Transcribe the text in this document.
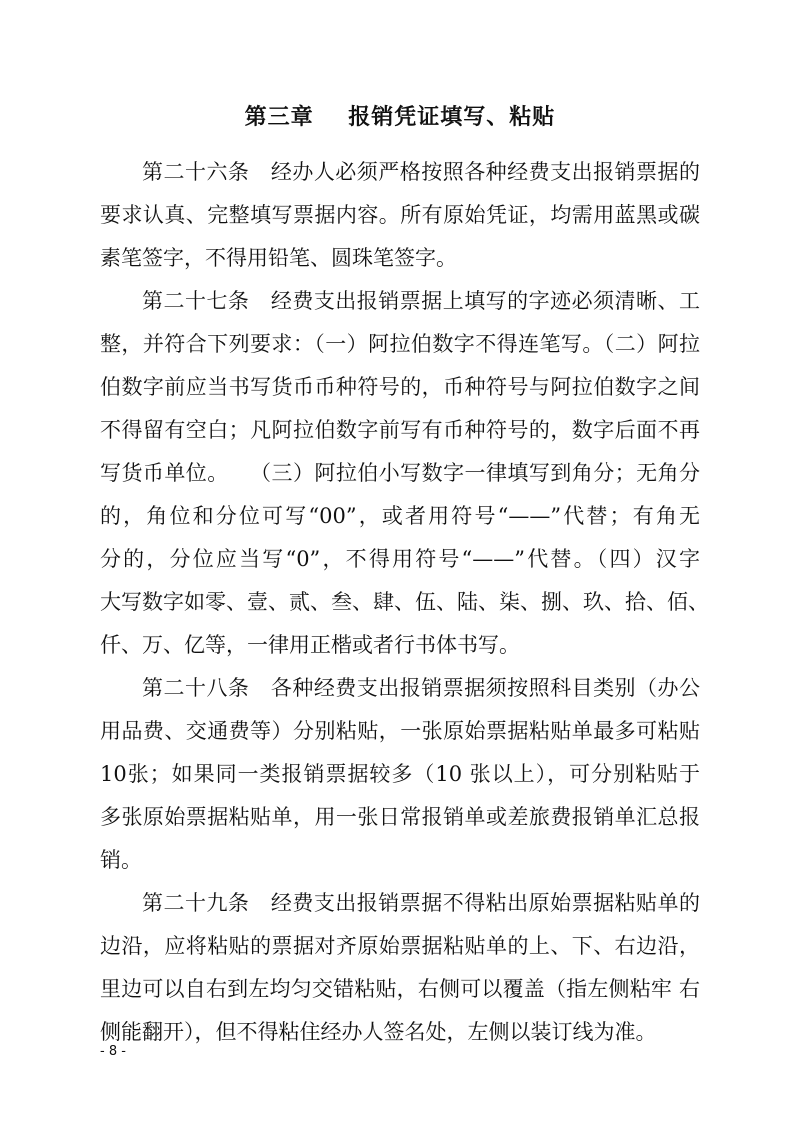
第三章    报销凭证填写、粘贴
第二十六条   经办人必须严格按照各种经费支出报销票据的
要求认真、完整填写票据内容。所有原始凭证，均需用蓝黑或碳
素笔签字，不得用铅笔、圆珠笔签字。
第二十七条   经费支出报销票据上填写的字迹必须清晰、工
整，并符合下列要求：（一）阿拉伯数字不得连笔写。（二）阿拉
伯数字前应当书写货币币种符号的，币种符号与阿拉伯数字之间
不得留有空白；凡阿拉伯数字前写有币种符号的，数字后面不再
写货币单位。   （三）阿拉伯小写数字一律填写到角分；无角分
的，角位和分位可写“00”，或者用符号“——”代替；有角无
分的，分位应当写“0”，不得用符号“——”代替。（四）汉字
大写数字如零、壹、贰、叁、肆、伍、陆、柒、捌、玖、拾、佰、
仟、万、亿等，一律用正楷或者行书体书写。
第二十八条   各种经费支出报销票据须按照科目类别（办公
用品费、交通费等）分别粘贴，一张原始票据粘贴单最多可粘贴
10张；如果同一类报销票据较多（10 张以上），可分别粘贴于
多张原始票据粘贴单，用一张日常报销单或差旅费报销单汇总报
销。
第二十九条   经费支出报销票据不得粘出原始票据粘贴单的
边沿，应将粘贴的票据对齐原始票据粘贴单的上、下、右边沿，
里边可以自右到左均匀交错粘贴，右侧可以覆盖（指左侧粘牢 右
侧能翻开），但不得粘住经办人签名处，左侧以装订线为准。
- 8 -
